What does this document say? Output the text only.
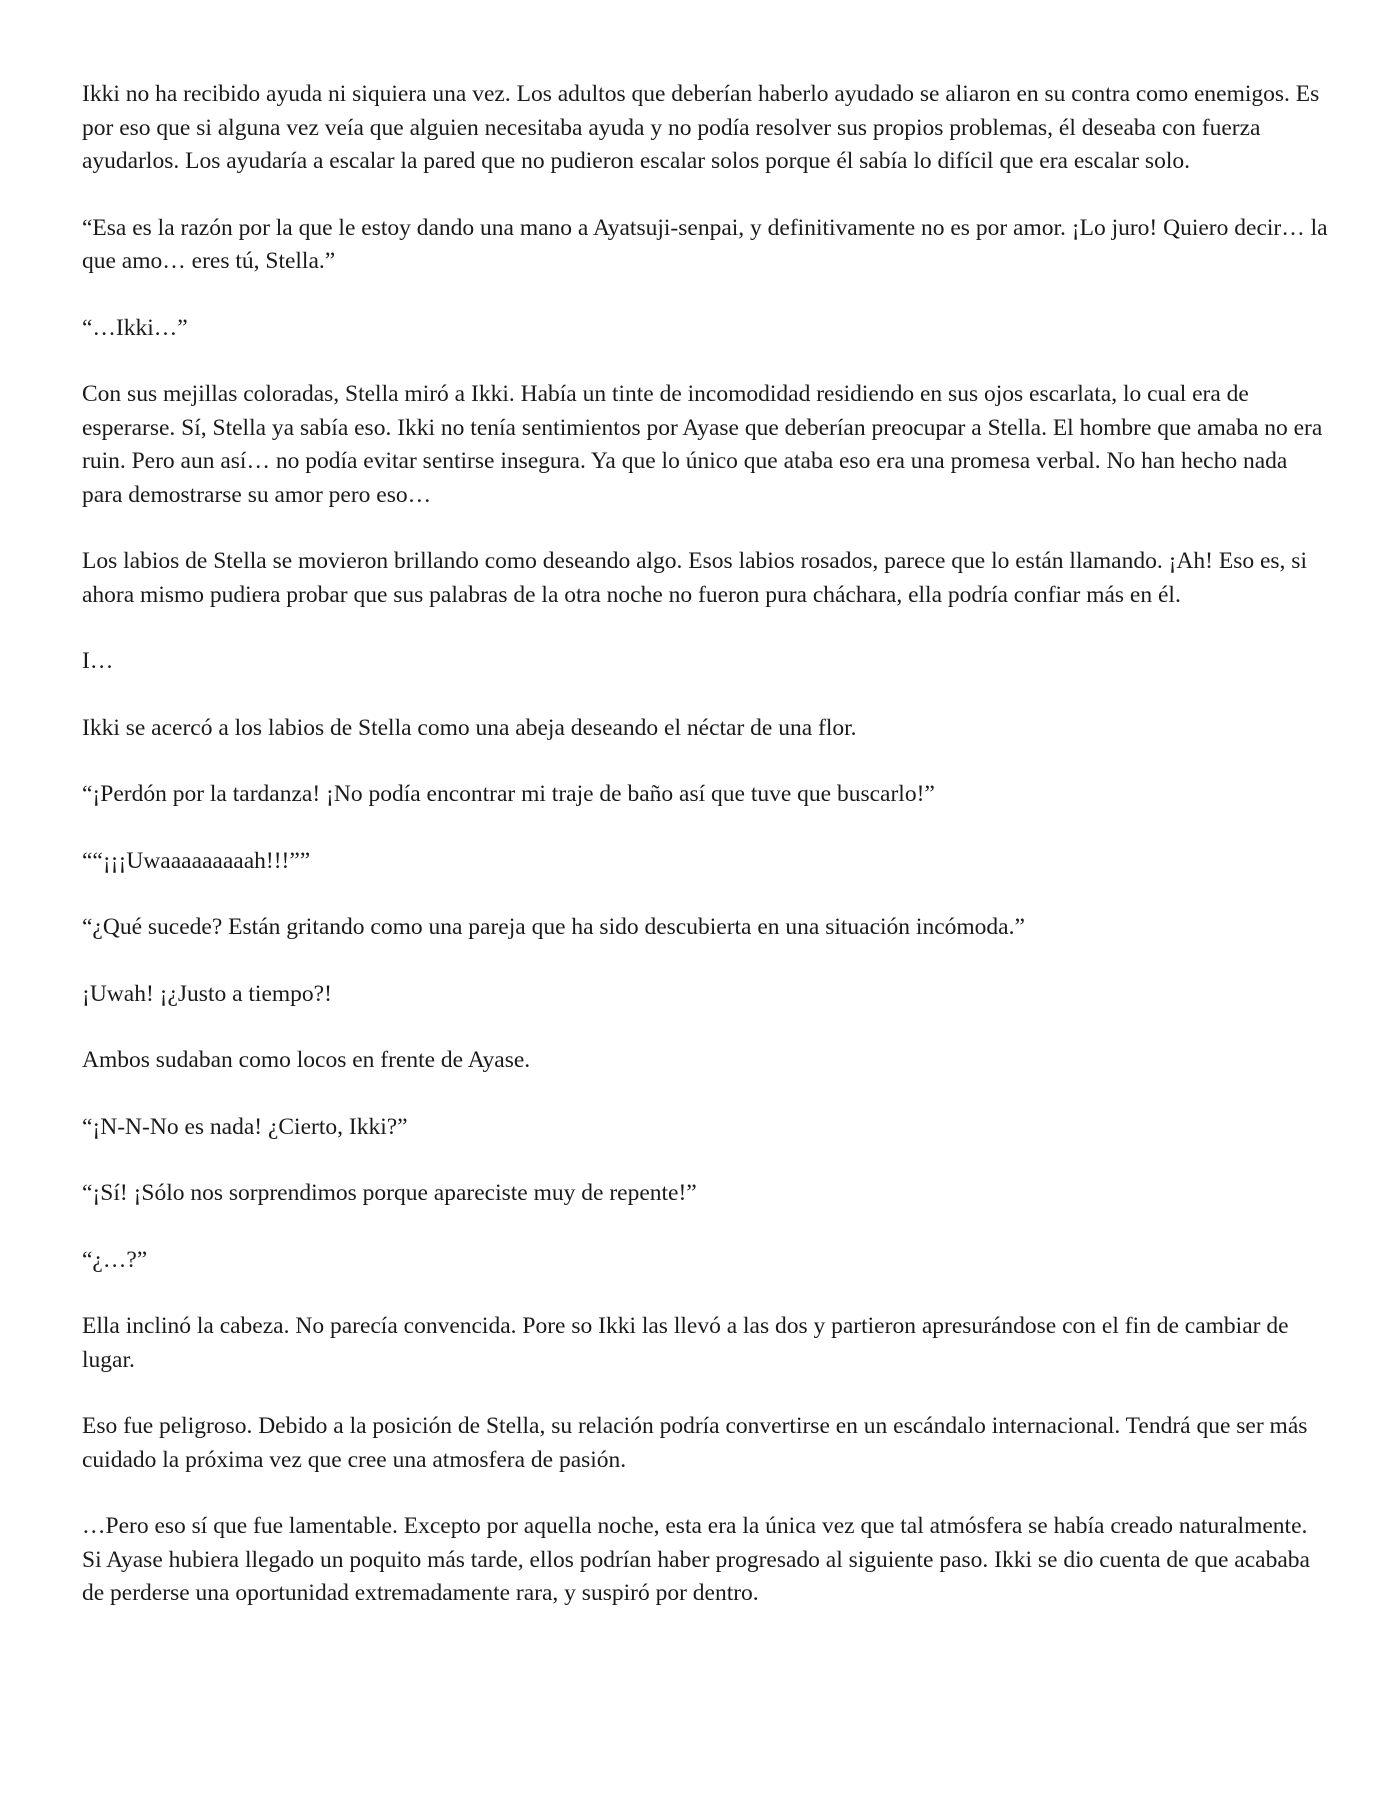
Ikki no ha recibido ayuda ni siquiera una vez. Los adultos que deberían haberlo ayudado se aliaron en su contra como enemigos. Es por eso que si alguna vez veía que alguien necesitaba ayuda y no podía resolver sus propios problemas, él deseaba con fuerza ayudarlos. Los ayudaría a escalar la pared que no pudieron escalar solos porque él sabía lo difícil que era escalar solo.

“Esa es la razón por la que le estoy dando una mano a Ayatsuji-senpai, y definitivamente no es por amor. ¡Lo juro! Quiero decir… la que amo… eres tú, Stella.”

“…Ikki…”

Con sus mejillas coloradas, Stella miró a Ikki. Había un tinte de incomodidad residiendo en sus ojos escarlata, lo cual era de esperarse. Sí, Stella ya sabía eso. Ikki no tenía sentimientos por Ayase que deberían preocupar a Stella. El hombre que amaba no era ruin. Pero aun así… no podía evitar sentirse insegura. Ya que lo único que ataba eso era una promesa verbal. No han hecho nada para demostrarse su amor pero eso…

Los labios de Stella se movieron brillando como deseando algo. Esos labios rosados, parece que lo están llamando. ¡Ah! Eso es, si ahora mismo pudiera probar que sus palabras de la otra noche no fueron pura cháchara, ella podría confiar más en él.

I…

Ikki se acercó a los labios de Stella como una abeja deseando el néctar de una flor.

“¡Perdón por la tardanza! ¡No podía encontrar mi traje de baño así que tuve que buscarlo!”

““¡¡¡Uwaaaaaaaaah!!!””

“¿Qué sucede? Están gritando como una pareja que ha sido descubierta en una situación incómoda.”

¡Uwah! ¡¿Justo a tiempo?!

Ambos sudaban como locos en frente de Ayase.

“¡N-N-No es nada! ¿Cierto, Ikki?”

“¡Sí! ¡Sólo nos sorprendimos porque apareciste muy de repente!”

“¿…?”

Ella inclinó la cabeza. No parecía convencida. Pore so Ikki las llevó a las dos y partieron apresurándose con el fin de cambiar de lugar.

Eso fue peligroso. Debido a la posición de Stella, su relación podría convertirse en un escándalo internacional. Tendrá que ser más cuidado la próxima vez que cree una atmosfera de pasión.

…Pero eso sí que fue lamentable. Excepto por aquella noche, esta era la única vez que tal atmósfera se había creado naturalmente. Si Ayase hubiera llegado un poquito más tarde, ellos podrían haber progresado al siguiente paso. Ikki se dio cuenta de que acababa de perderse una oportunidad extremadamente rara, y suspiró por dentro.
